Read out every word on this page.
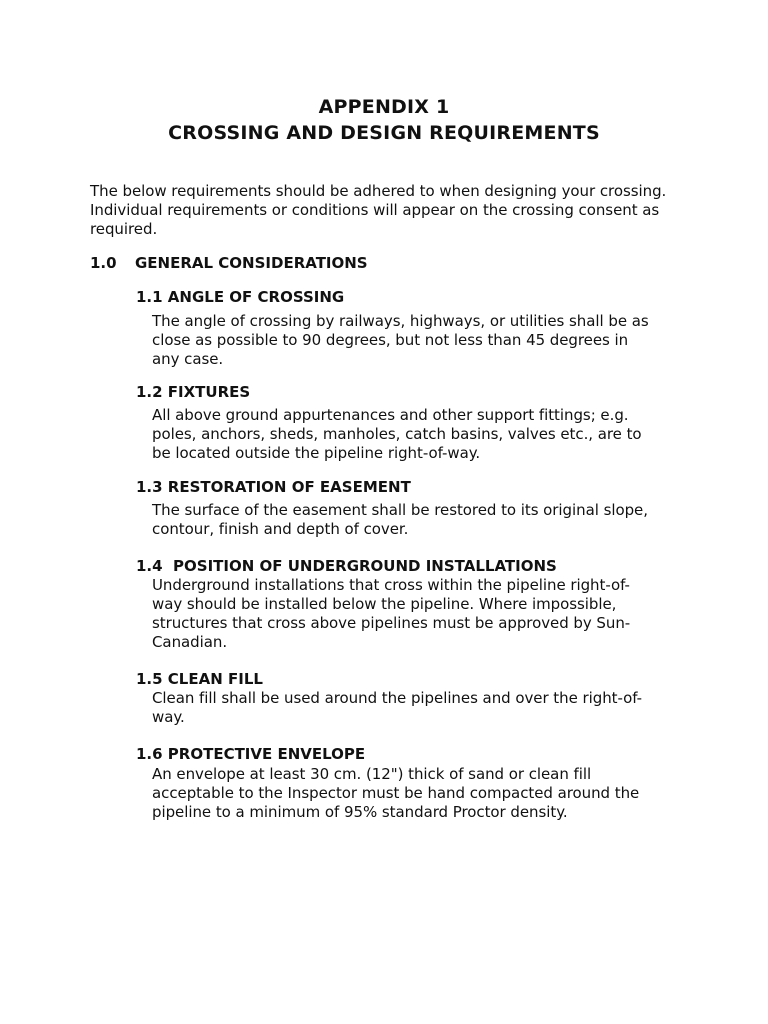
APPENDIX 1
CROSSING AND DESIGN REQUIREMENTS
The below requirements should be adhered to when designing your crossing. Individual requirements or conditions will appear on the crossing consent as required.
1.0 GENERAL CONSIDERATIONS
1.1 ANGLE OF CROSSING
The angle of crossing by railways, highways, or utilities shall be as close as possible to 90 degrees, but not less than 45 degrees in any case.
1.2 FIXTURES
All above ground appurtenances and other support fittings; e.g. poles, anchors, sheds, manholes, catch basins, valves etc., are to be located outside the pipeline right-of-way.
1.3 RESTORATION OF EASEMENT
The surface of the easement shall be restored to its original slope, contour, finish and depth of cover.
1.4  POSITION OF UNDERGROUND INSTALLATIONS
Underground installations that cross within the pipeline right-of-way should be installed below the pipeline. Where impossible, structures that cross above pipelines must be approved by Sun-Canadian.
1.5 CLEAN FILL
Clean fill shall be used around the pipelines and over the right-of-way.
1.6 PROTECTIVE ENVELOPE
An envelope at least 30 cm. (12") thick of sand or clean fill acceptable to the Inspector must be hand compacted around the pipeline to a minimum of 95% standard Proctor density.
